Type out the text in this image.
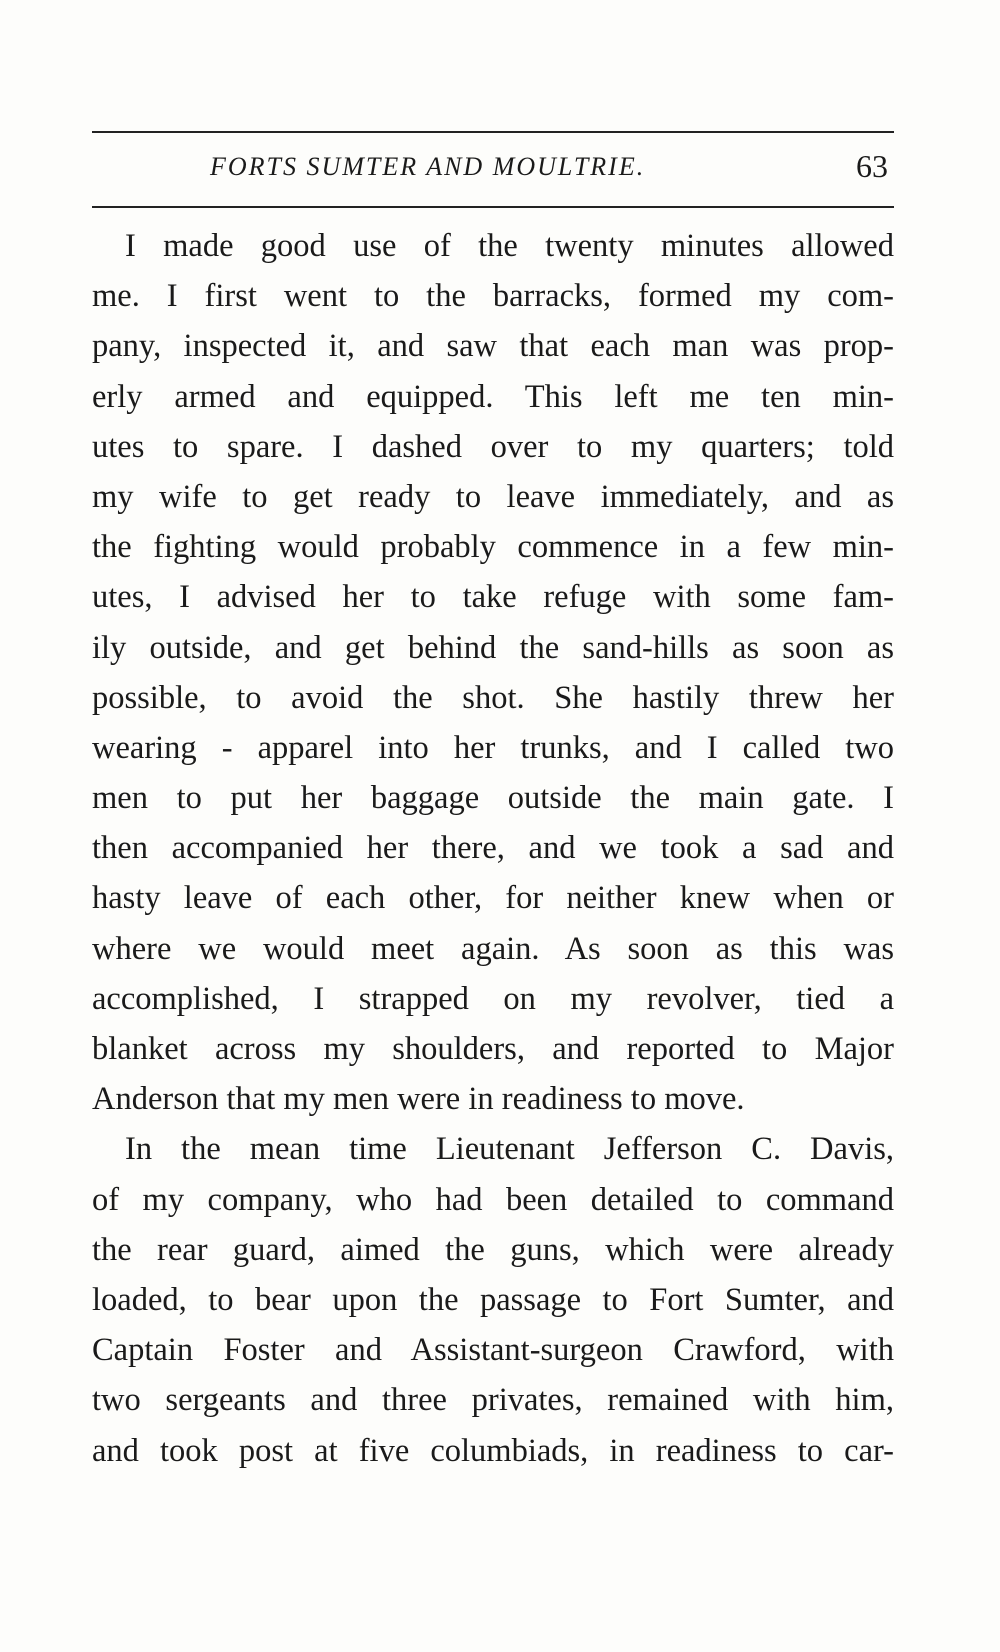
FORTS SUMTER AND MOULTRIE.	63
I made good use of the twenty minutes allowed
me. I first went to the barracks, formed my com-
pany, inspected it, and saw that each man was prop-
erly armed and equipped. This left me ten min-
utes to spare. I dashed over to my quarters; told
my wife to get ready to leave immediately, and as
the fighting would probably commence in a few min-
utes, I advised her to take refuge with some fam-
ily outside, and get behind the sand-hills as soon as
possible, to avoid the shot. She hastily threw her
wearing - apparel into her trunks, and I called two
men to put her baggage outside the main gate. I
then accompanied her there, and we took a sad and
hasty leave of each other, for neither knew when or
where we would meet again. As soon as this was
accomplished, I strapped on my revolver, tied a
blanket across my shoulders, and reported to Major
Anderson that my men were in readiness to move.
In the mean time Lieutenant Jefferson C. Davis,
of my company, who had been detailed to command
the rear guard, aimed the guns, which were already
loaded, to bear upon the passage to Fort Sumter, and
Captain Foster and Assistant-surgeon Crawford, with
two sergeants and three privates, remained with him,
and took post at five columbiads, in readiness to car-
